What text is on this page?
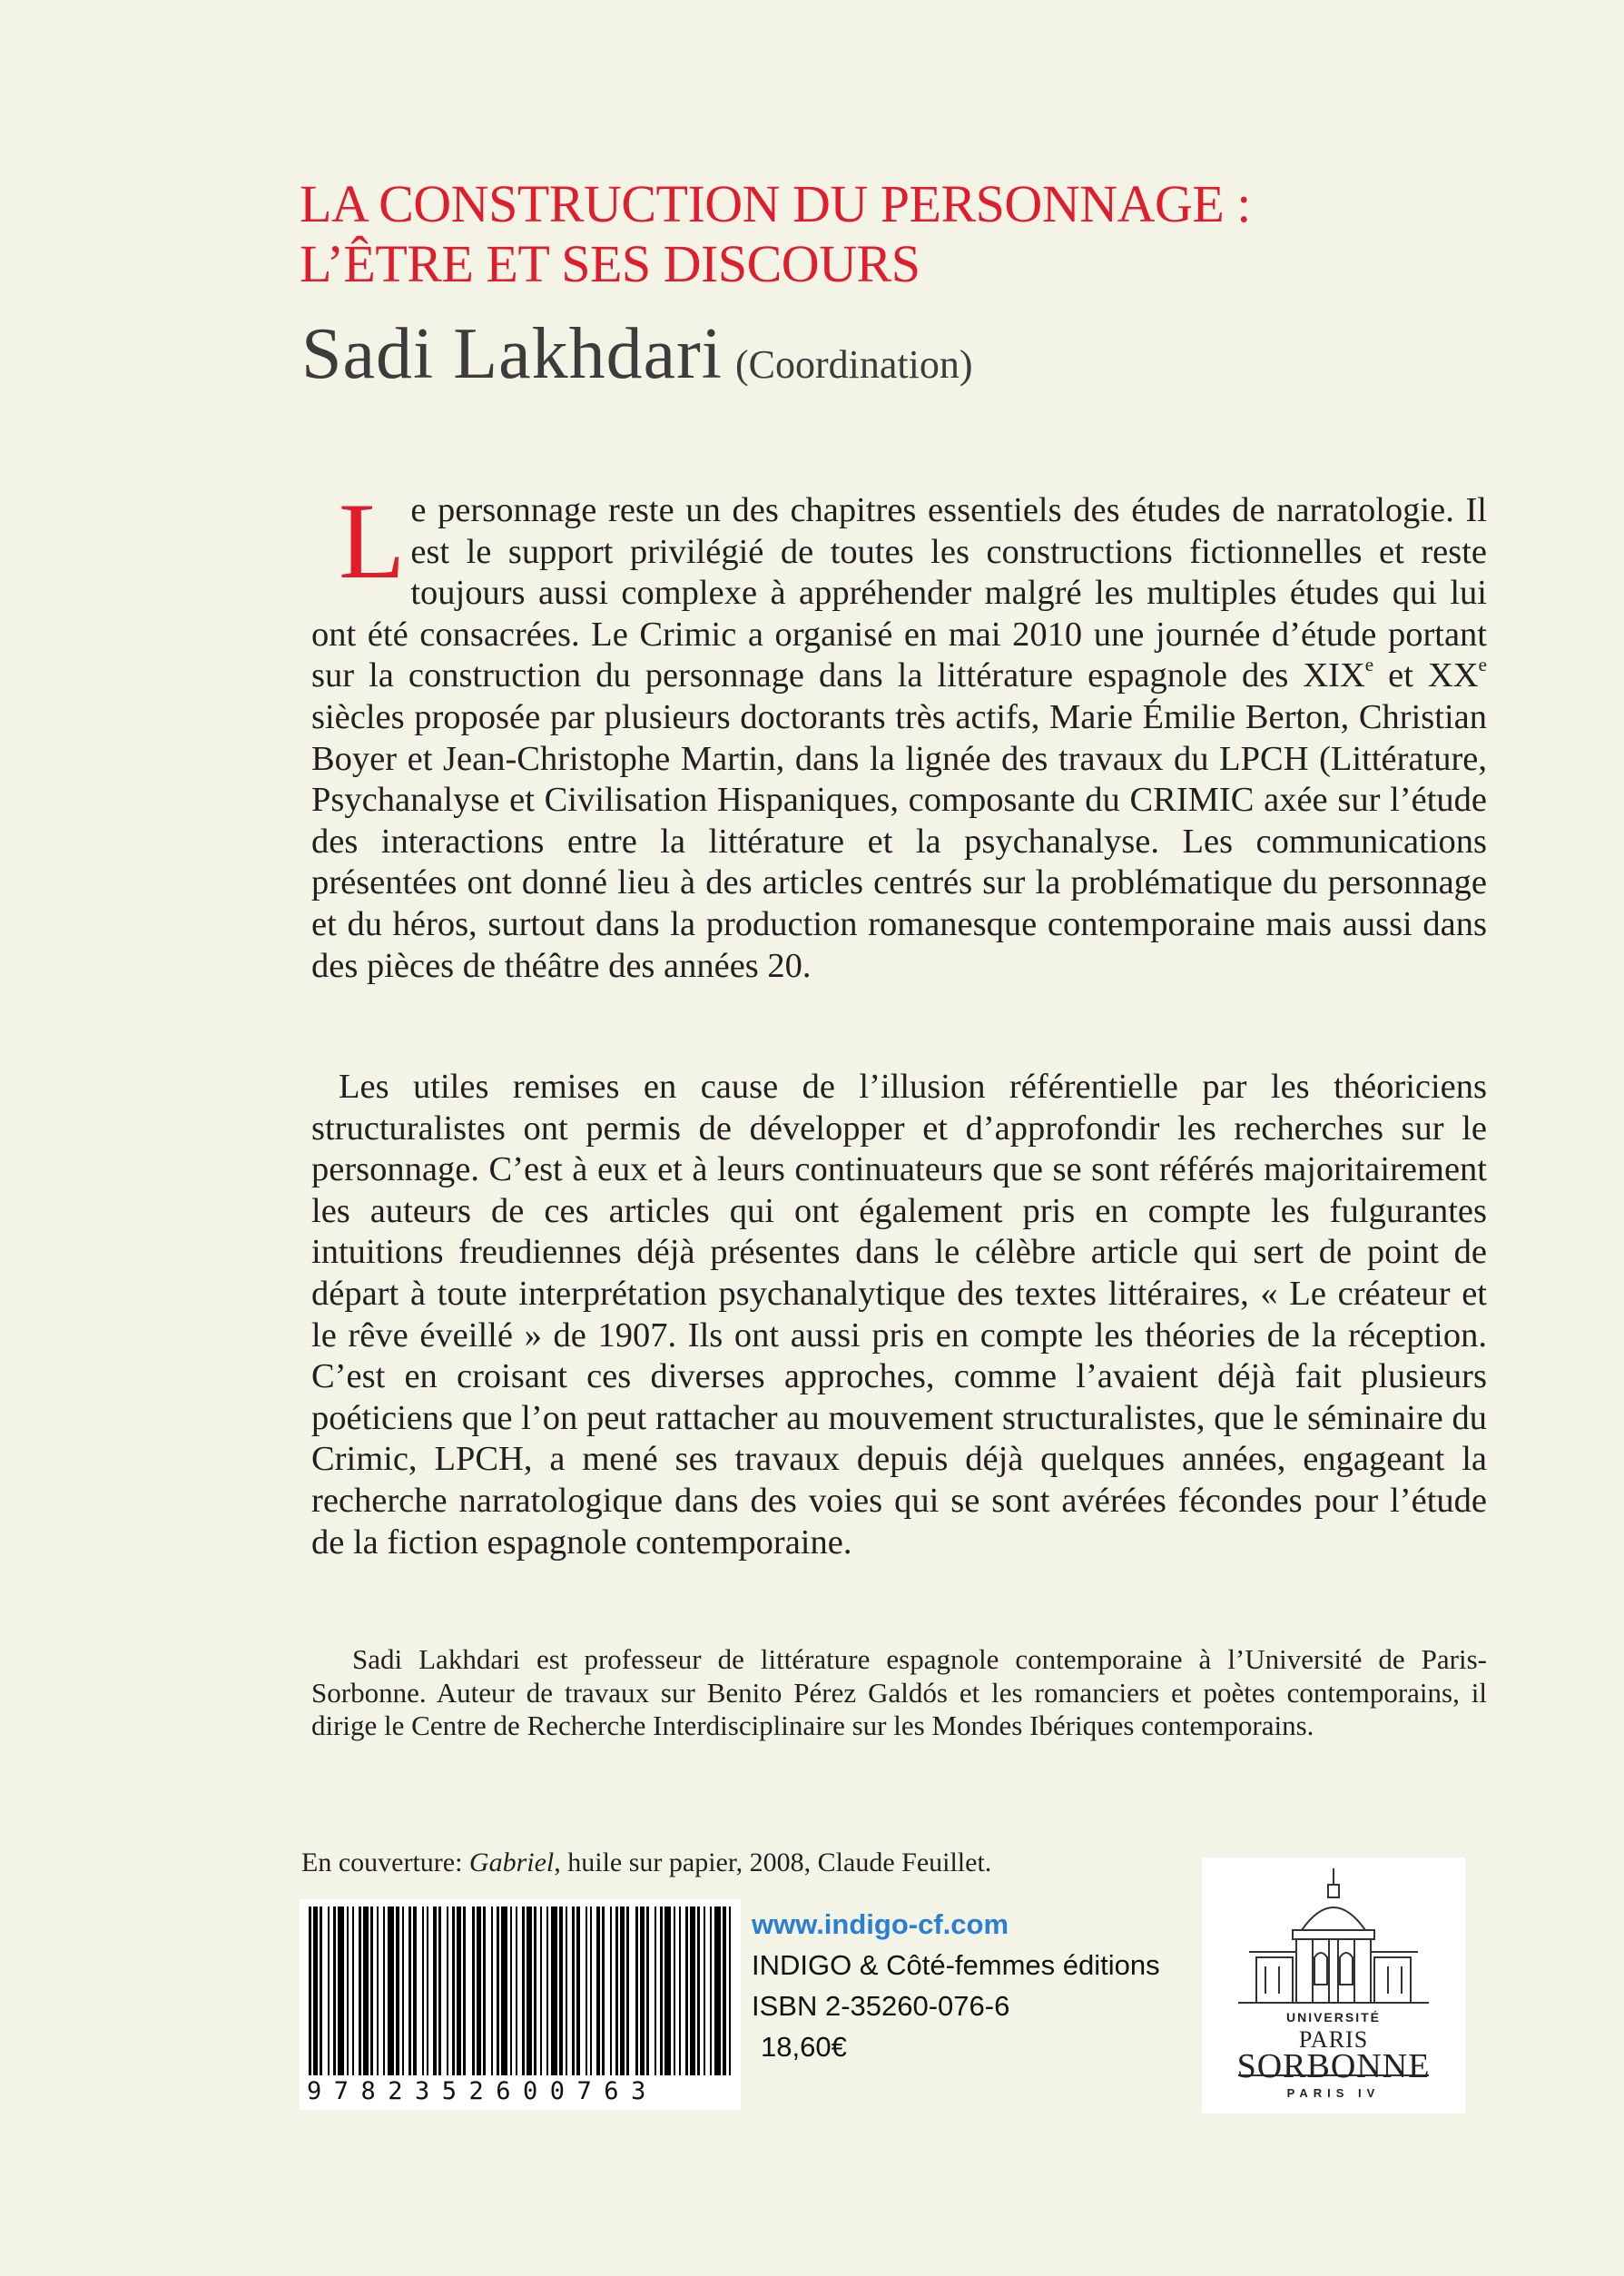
LA CONSTRUCTION DU PERSONNAGE :
L’ÊTRE ET SES DISCOURS
Sadi Lakhdari (Coordination)
Le personnage reste un des chapitres essentiels des études de narratologie. Il est le support privilégié de toutes les constructions fictionnelles et reste toujours aussi complexe à appréhender malgré les multiples études qui lui ont été consacrées. Le Crimic a organisé en mai 2010 une journée d’étude portant sur la construction du personnage dans la littérature espagnole des XIXe et XXe siècles proposée par plusieurs doctorants très actifs, Marie Émilie Berton, Christian Boyer et Jean-Christophe Martin, dans la lignée des travaux du LPCH (Littérature, Psychanalyse et Civilisation Hispaniques, composante du CRIMIC axée sur l’étude des interactions entre la littérature et la psychanalyse. Les communications présentées ont donné lieu à des articles centrés sur la problématique du personnage et du héros, surtout dans la production romanesque contemporaine mais aussi dans des pièces de théâtre des années 20.
Les utiles remises en cause de l’illusion référentielle par les théoriciens structuralistes ont permis de développer et d’approfondir les recherches sur le personnage. C’est à eux et à leurs continuateurs que se sont référés majoritairement les auteurs de ces articles qui ont également pris en compte les fulgurantes intuitions freudiennes déjà présentes dans le célèbre article qui sert de point de départ à toute interprétation psychanalytique des textes littéraires, « Le créateur et le rêve éveillé » de 1907. Ils ont aussi pris en compte les théories de la réception. C’est en croisant ces diverses approches, comme l’avaient déjà fait plusieurs poéticiens que l’on peut rattacher au mouvement structuralistes, que le séminaire du Crimic, LPCH, a mené ses travaux depuis déjà quelques années, engageant la recherche narratologique dans des voies qui se sont avérées fécondes pour l’étude de la fiction espagnole contemporaine.
Sadi Lakhdari est professeur de littérature espagnole contemporaine à l’Université de Paris-Sorbonne. Auteur de travaux sur Benito Pérez Galdós et les romanciers et poètes contemporains, il dirige le Centre de Recherche Interdisciplinaire sur les Mondes Ibériques contemporains.
En couverture: Gabriel, huile sur papier, 2008, Claude Feuillet.
9782352600763
www.indigo-cf.com
INDIGO & Côté-femmes éditions
ISBN 2-35260-076-6
18,60€
UNIVERSITÉ
PARIS
SORBONNE
PARIS IV
